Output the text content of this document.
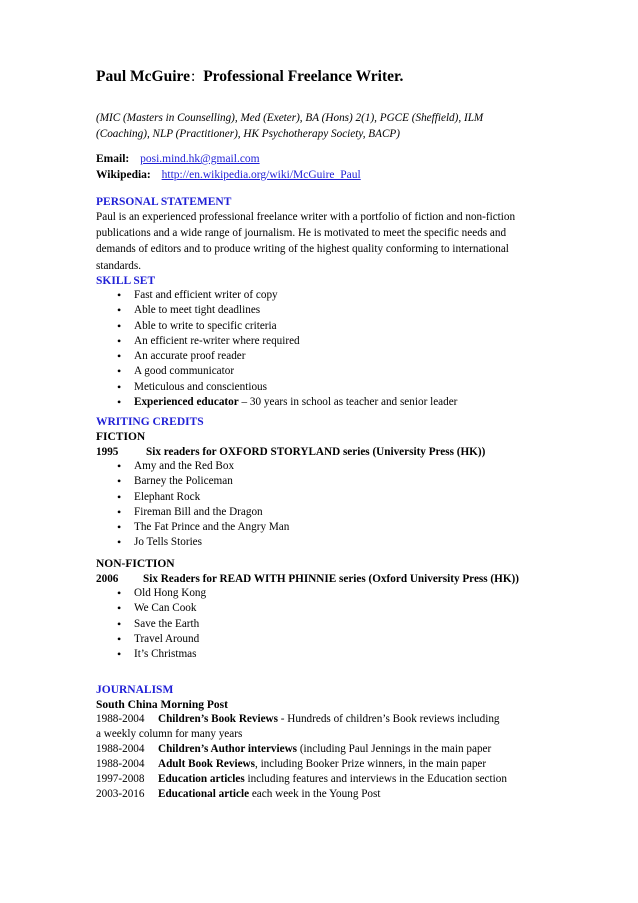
Paul McGuire: Professional Freelance Writer.
(MIC (Masters in Counselling), Med (Exeter), BA (Hons) 2(1), PGCE (Sheffield), ILM (Coaching), NLP (Practitioner), HK Psychotherapy Society, BACP)
Email: posi.mind.hk@gmail.com
Wikipedia: http://en.wikipedia.org/wiki/McGuire_Paul
PERSONAL STATEMENT
Paul is an experienced professional freelance writer with a portfolio of fiction and non-fiction publications and a wide range of journalism. He is motivated to meet the specific needs and demands of editors and to produce writing of the highest quality conforming to international standards.
SKILL SET
• Fast and efficient writer of copy
• Able to meet tight deadlines
• Able to write to specific criteria
• An efficient re-writer where required
• An accurate proof reader
• A good communicator
• Meticulous and conscientious
• Experienced educator – 30 years in school as teacher and senior leader
WRITING CREDITS
FICTION
1995 Six readers for OXFORD STORYLAND series (University Press (HK))
• Amy and the Red Box
• Barney the Policeman
• Elephant Rock
• Fireman Bill and the Dragon
• The Fat Prince and the Angry Man
• Jo Tells Stories
NON-FICTION
2006 Six Readers for READ WITH PHINNIE series (Oxford University Press (HK))
• Old Hong Kong
• We Can Cook
• Save the Earth
• Travel Around
• It’s Christmas
JOURNALISM
South China Morning Post
1988-2004 Children’s Book Reviews - Hundreds of children’s Book reviews including
a weekly column for many years
1988-2004 Children’s Author interviews (including Paul Jennings in the main paper
1988-2004 Adult Book Reviews, including Booker Prize winners, in the main paper
1997-2008 Education articles including features and interviews in the Education section
2003-2016 Educational article each week in the Young Post
